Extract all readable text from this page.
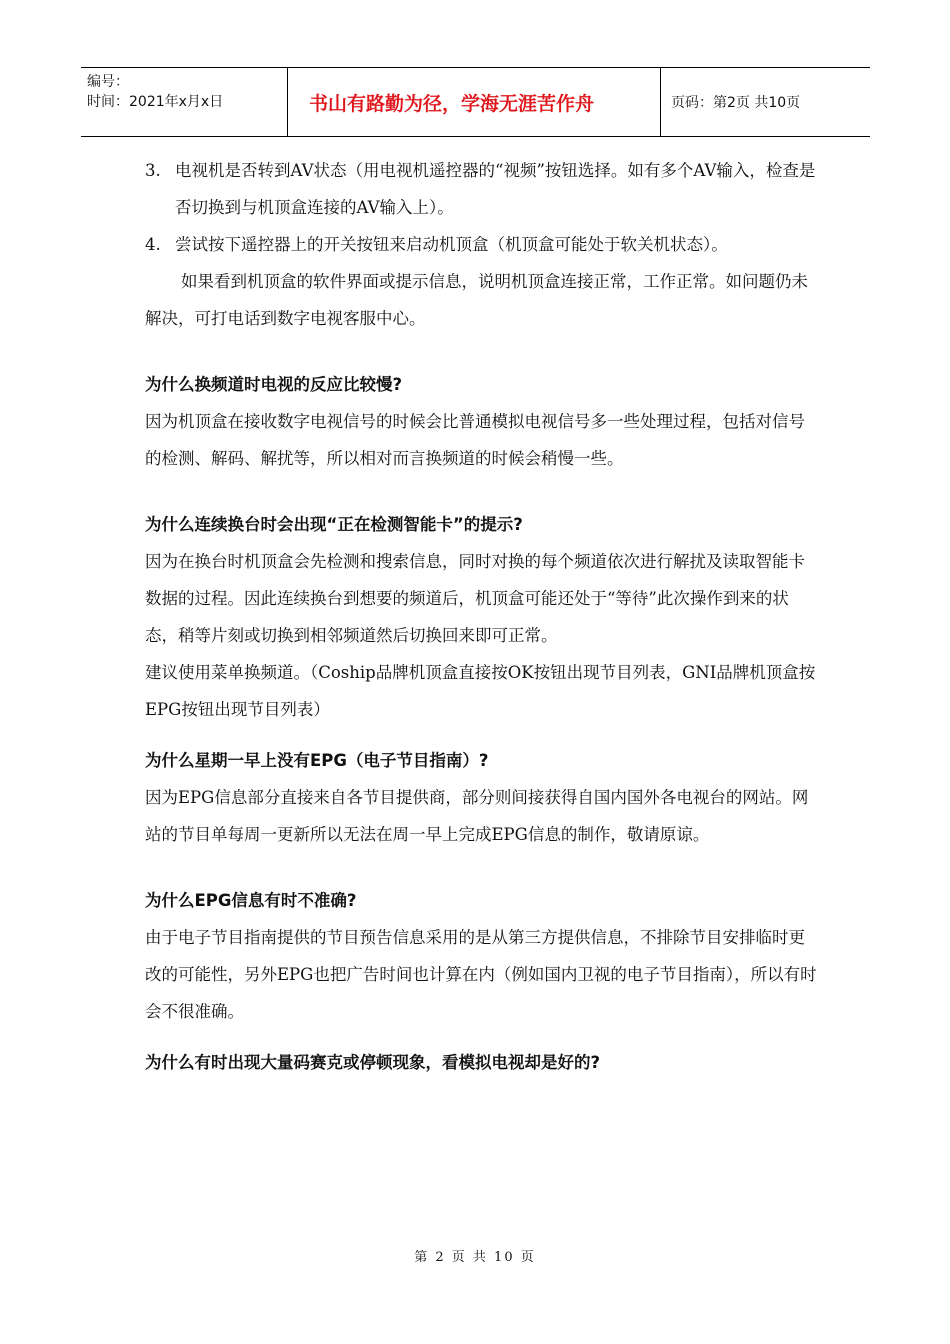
编号：
时间：2021年x月x日	书山有路勤为径，学海无涯苦作舟	页码：第2页 共10页
3. 电视机是否转到AV状态（用电视机遥控器的“视频”按钮选择。如有多个AV输入，检查是否切换到与机顶盒连接的AV输入上）。
4. 尝试按下遥控器上的开关按钮来启动机顶盒（机顶盒可能处于软关机状态）。

如果看到机顶盒的软件界面或提示信息，说明机顶盒连接正常，工作正常。如问题仍未解决，可打电话到数字电视客服中心。

为什么换频道时电视的反应比较慢?

因为机顶盒在接收数字电视信号的时候会比普通模拟电视信号多一些处理过程，包括对信号的检测、解码、解扰等，所以相对而言换频道的时候会稍慢一些。

为什么连续换台时会出现“正在检测智能卡”的提示?

因为在换台时机顶盒会先检测和搜索信息，同时对换的每个频道依次进行解扰及读取智能卡数据的过程。因此连续换台到想要的频道后，机顶盒可能还处于“等待”此次操作到来的状态，稍等片刻或切换到相邻频道然后切换回来即可正常。

建议使用菜单换频道。（Coship品牌机顶盒直接按OK按钮出现节目列表，GNI品牌机顶盒按EPG按钮出现节目列表）

为什么星期一早上没有EPG（电子节目指南）?

因为EPG信息部分直接来自各节目提供商，部分则间接获得自国内国外各电视台的网站。网站的节目单每周一更新所以无法在周一早上完成EPG信息的制作，敬请原谅。

为什么EPG信息有时不准确?

由于电子节目指南提供的节目预告信息采用的是从第三方提供信息，不排除节目安排临时更改的可能性，另外EPG也把广告时间也计算在内（例如国内卫视的电子节目指南），所以有时会不很准确。

为什么有时出现大量码赛克或停顿现象，看模拟电视却是好的?

第 2 页 共 10 页
